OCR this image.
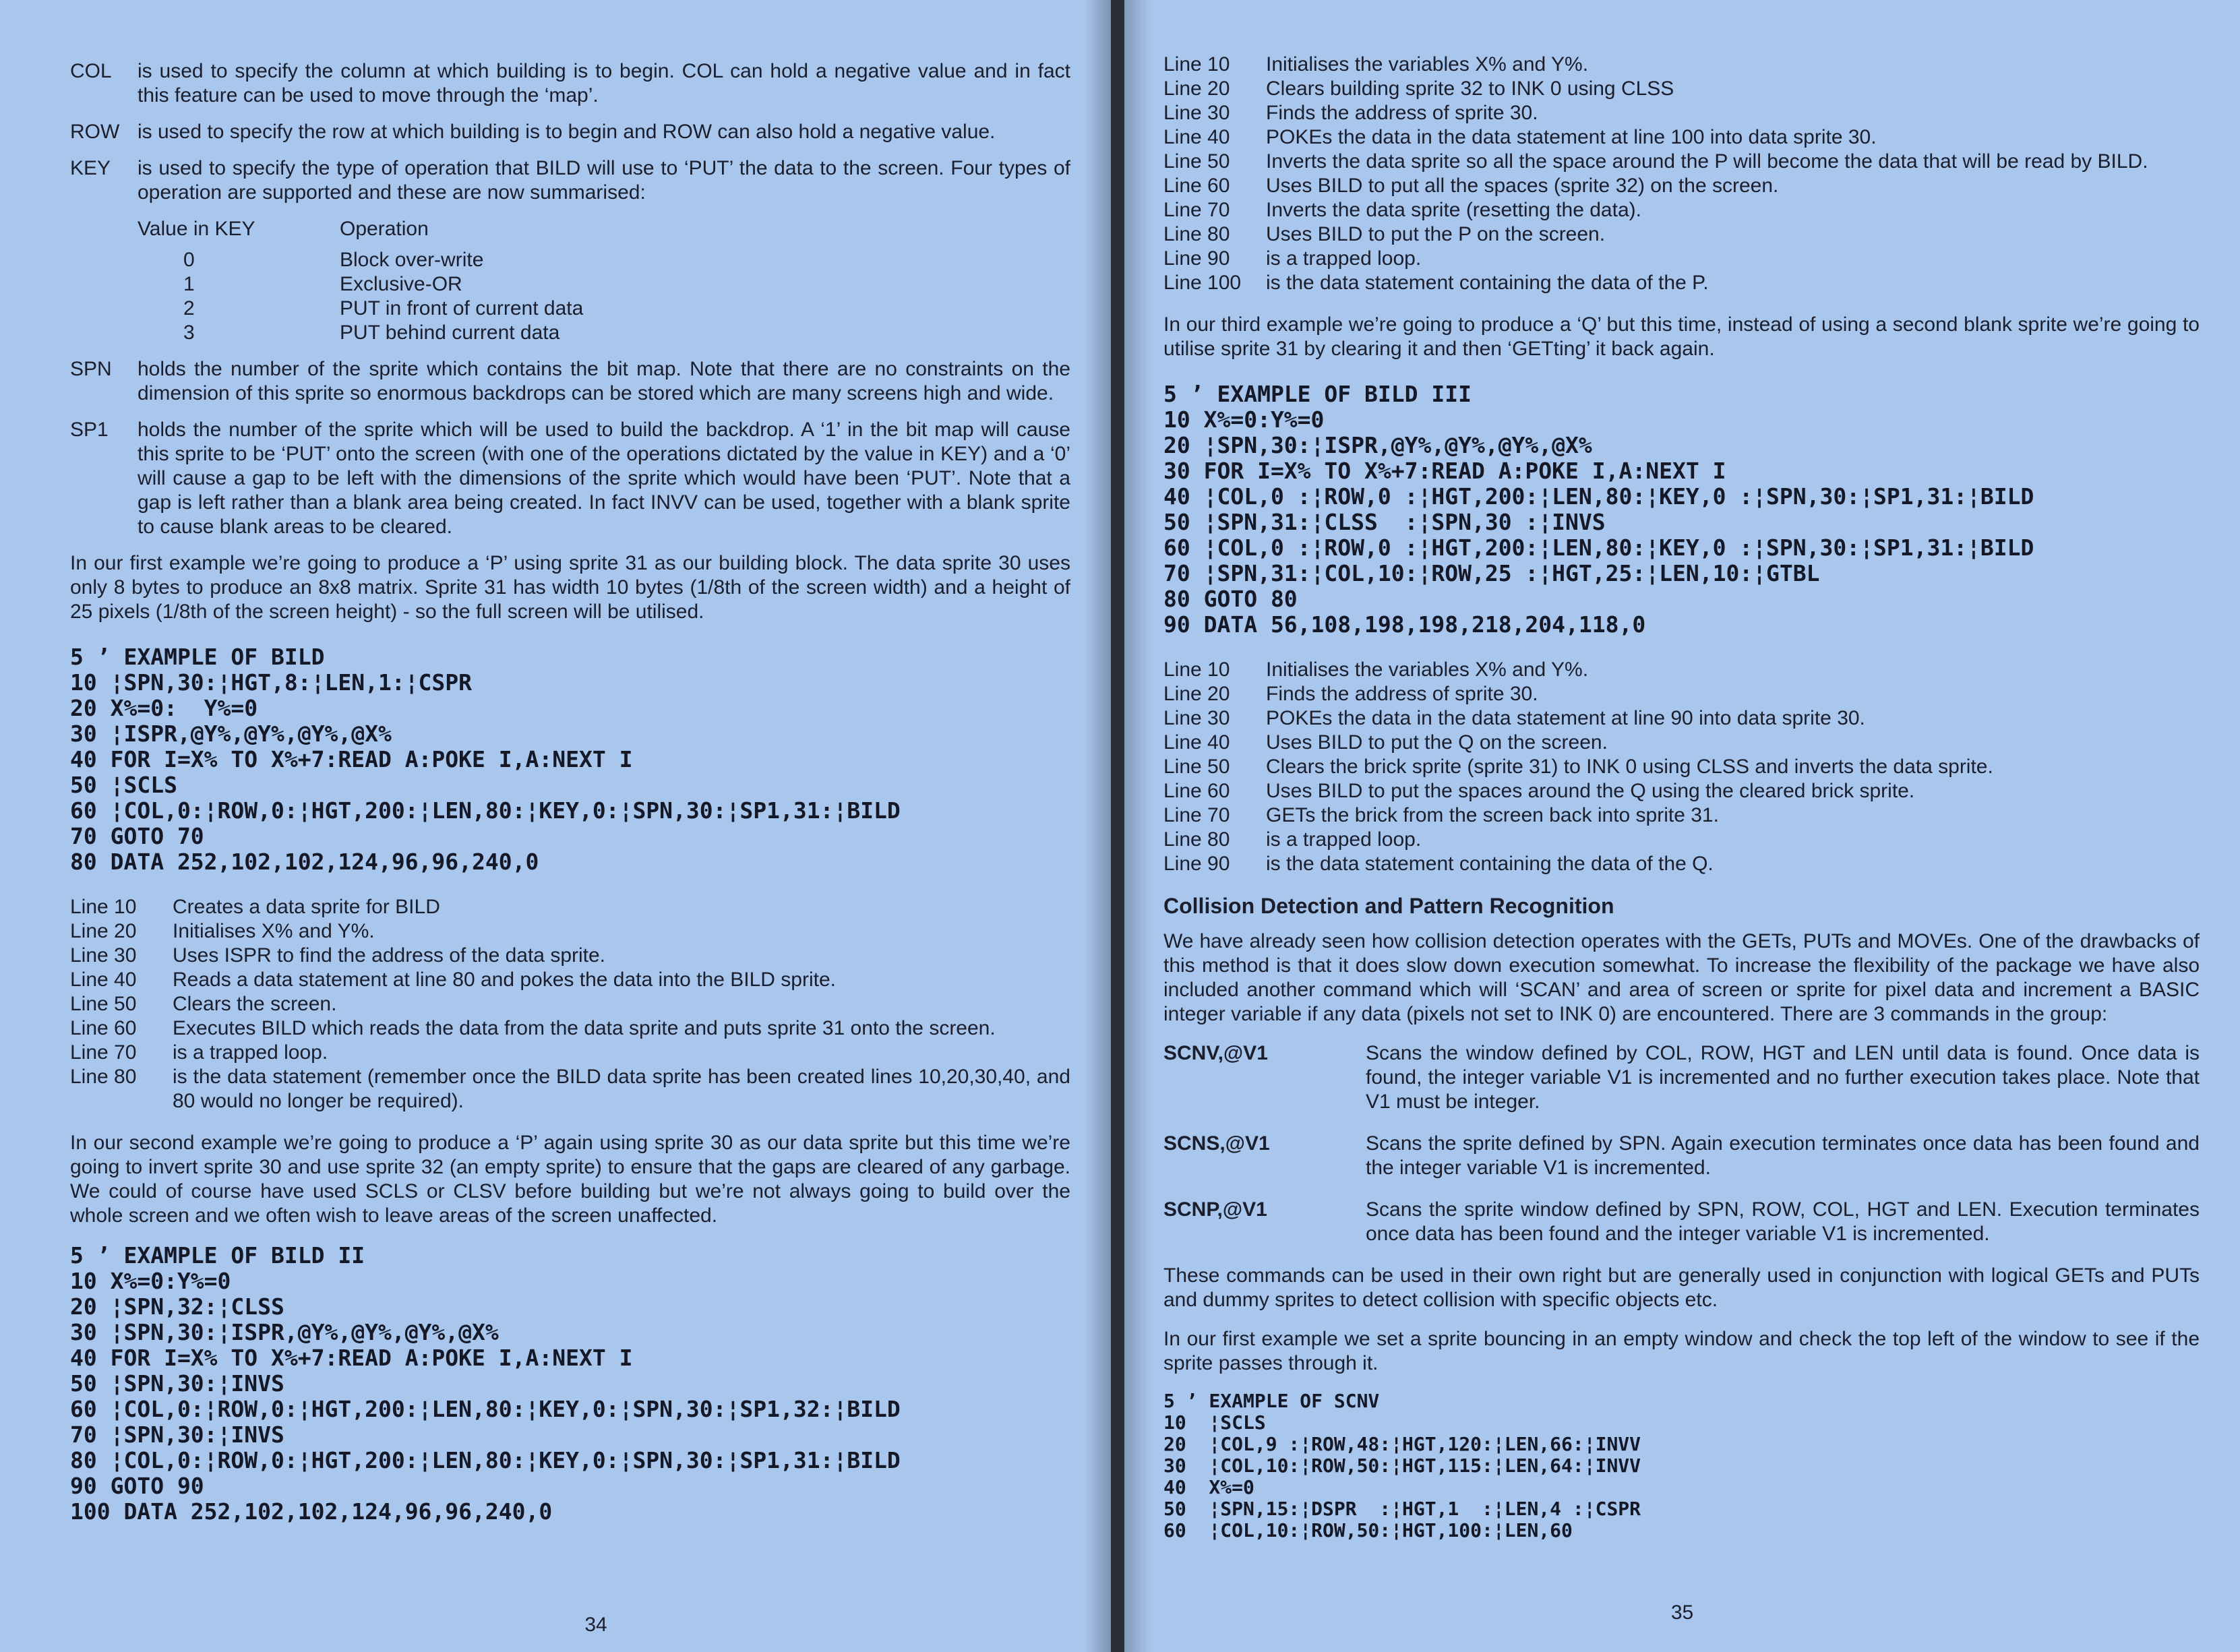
COL	is used to specify the column at which building is to begin. COL can hold a negative value and in fact this feature can be used to move through the ‘map’.
ROW is used to specify the row at which building is to begin and ROW can also hold a negative value.
KEY	is used to specify the type of operation that BILD will use to ‘PUT’ the data to the screen. Four types of operation are supported and these are now summarised:
Value in KEY	Operation
0	Block over-write
1	Exclusive-OR
2	PUT in front of current data
3	PUT behind current data
SPN	holds the number of the sprite which contains the bit map. Note that there are no constraints on the dimension of this sprite so enormous backdrops can be stored which are many screens high and wide.
SP1	holds the number of the sprite which will be used to build the backdrop. A ‘1’ in the bit map will cause this sprite to be ‘PUT’ onto the screen (with one of the operations dictated by the value in KEY) and a ‘0’ will cause a gap to be left with the dimensions of the sprite which would have been ‘PUT’. Note that a gap is left rather than a blank area being created. In fact INVV can be used, together with a blank sprite to cause blank areas to be cleared.

In our first example we’re going to produce a ‘P’ using sprite 31 as our building block. The data sprite 30 uses only 8 bytes to produce an 8x8 matrix. Sprite 31 has width 10 bytes (1/8th of the screen width) and a height of 25 pixels (1/8th of the screen height) - so the full screen will be utilised.

5 ’ EXAMPLE OF BILD
10 ¦SPN,30:¦HGT,8:¦LEN,1:¦CSPR
20 X%=0:  Y%=0
30 ¦ISPR,@Y%,@Y%,@Y%,@X%
40 FOR I=X% TO X%+7:READ A:POKE I,A:NEXT I
50 ¦SCLS
60 ¦COL,0:¦ROW,0:¦HGT,200:¦LEN,80:¦KEY,0:¦SPN,30:¦SP1,31:¦BILD
70 GOTO 70
80 DATA 252,102,102,124,96,96,240,0
Line 10	Creates a data sprite for BILD
Line 20	Initialises X% and Y%.
Line 30	Uses ISPR to find the address of the data sprite.
Line 40	Reads a data statement at line 80 and pokes the data into the BILD sprite.
Line 50	Clears the screen.
Line 60	Executes BILD which reads the data from the data sprite and puts sprite 31 onto the screen.
Line 70	is a trapped loop.
Line 80	is the data statement (remember once the BILD data sprite has been created lines 10,20,30,40, and 80 would no longer be required).

In our second example we’re going to produce a ‘P’ again using sprite 30 as our data sprite but this time we’re going to invert sprite 30 and use sprite 32 (an empty sprite) to ensure that the gaps are cleared of any garbage. We could of course have used SCLS or CLSV before building but we’re not always going to build over the whole screen and we often wish to leave areas of the screen unaffected.

5 ’ EXAMPLE OF BILD II
10 X%=0:Y%=0
20 ¦SPN,32:¦CLSS
30 ¦SPN,30:¦ISPR,@Y%,@Y%,@Y%,@X%
40 FOR I=X% TO X%+7:READ A:POKE I,A:NEXT I
50 ¦SPN,30:¦INVS
60 ¦COL,0:¦ROW,0:¦HGT,200:¦LEN,80:¦KEY,0:¦SPN,30:¦SP1,32:¦BILD
70 ¦SPN,30:¦INVS
80 ¦COL,0:¦ROW,0:¦HGT,200:¦LEN,80:¦KEY,0:¦SPN,30:¦SP1,31:¦BILD
90 GOTO 90
100 DATA 252,102,102,124,96,96,240,0
34
Line 10	Initialises the variables X% and Y%.
Line 20	Clears building sprite 32 to INK 0 using CLSS
Line 30	Finds the address of sprite 30.
Line 40	POKEs the data in the data statement at line 100 into data sprite 30.
Line 50	Inverts the data sprite so all the space around the P will become the data that will be read by BILD.
Line 60	Uses BILD to put all the spaces (sprite 32) on the screen.
Line 70	Inverts the data sprite (resetting the data).
Line 80	Uses BILD to put the P on the screen.
Line 90	is a trapped loop.
Line 100	is the data statement containing the data of the P.

In our third example we’re going to produce a ‘Q’ but this time, instead of using a second blank sprite we’re going to utilise sprite 31 by clearing it and then ‘GETting’ it back again.

5 ’ EXAMPLE OF BILD III
10 X%=0:Y%=0
20 ¦SPN,30:¦ISPR,@Y%,@Y%,@Y%,@X%
30 FOR I=X% TO X%+7:READ A:POKE I,A:NEXT I
40 ¦COL,0 :¦ROW,0 :¦HGT,200:¦LEN,80:¦KEY,0 :¦SPN,30:¦SP1,31:¦BILD
50 ¦SPN,31:¦CLSS  :¦SPN,30 :¦INVS
60 ¦COL,0 :¦ROW,0 :¦HGT,200:¦LEN,80:¦KEY,0 :¦SPN,30:¦SP1,31:¦BILD
70 ¦SPN,31:¦COL,10:¦ROW,25 :¦HGT,25:¦LEN,10:¦GTBL
80 GOTO 80
90 DATA 56,108,198,198,218,204,118,0
Line 10	Initialises the variables X% and Y%.
Line 20	Finds the address of sprite 30.
Line 30	POKEs the data in the data statement at line 90 into data sprite 30.
Line 40	Uses BILD to put the Q on the screen.
Line 50	Clears the brick sprite (sprite 31) to INK 0 using CLSS and inverts the data sprite.
Line 60	Uses BILD to put the spaces around the Q using the cleared brick sprite.
Line 70	GETs the brick from the screen back into sprite 31.
Line 80	is a trapped loop.
Line 90	is the data statement containing the data of the Q.
Collision Detection and Pattern Recognition

We have already seen how collision detection operates with the GETs, PUTs and MOVEs. One of the drawbacks of this method is that it does slow down execution somewhat. To increase the flexibility of the package we have also included another command which will ‘SCAN’ and area of screen or sprite for pixel data and increment a BASIC integer variable if any data (pixels not set to INK 0) are encountered. There are 3 commands in the group:

SCNV,@V1	Scans the window defined by COL, ROW, HGT and LEN until data is found. Once data is found, the integer variable V1 is incremented and no further execution takes place. Note that V1 must be integer.
SCNS,@V1	Scans the sprite defined by SPN. Again execution terminates once data has been found and the integer variable V1 is incremented.
SCNP,@V1	Scans the sprite window defined by SPN, ROW, COL, HGT and LEN. Execution terminates once data has been found and the integer variable V1 is incremented.

These commands can be used in their own right but are generally used in conjunction with logical GETs and PUTs and dummy sprites to detect collision with specific objects etc.

In our first example we set a sprite bouncing in an empty window and check the top left of the window to see if the sprite passes through it.

5 ’ EXAMPLE OF SCNV
10  ¦SCLS
20  ¦COL,9 :¦ROW,48:¦HGT,120:¦LEN,66:¦INVV
30  ¦COL,10:¦ROW,50:¦HGT,115:¦LEN,64:¦INVV
40  X%=0
50  ¦SPN,15:¦DSPR  :¦HGT,1  :¦LEN,4 :¦CSPR
60  ¦COL,10:¦ROW,50:¦HGT,100:¦LEN,60
35
